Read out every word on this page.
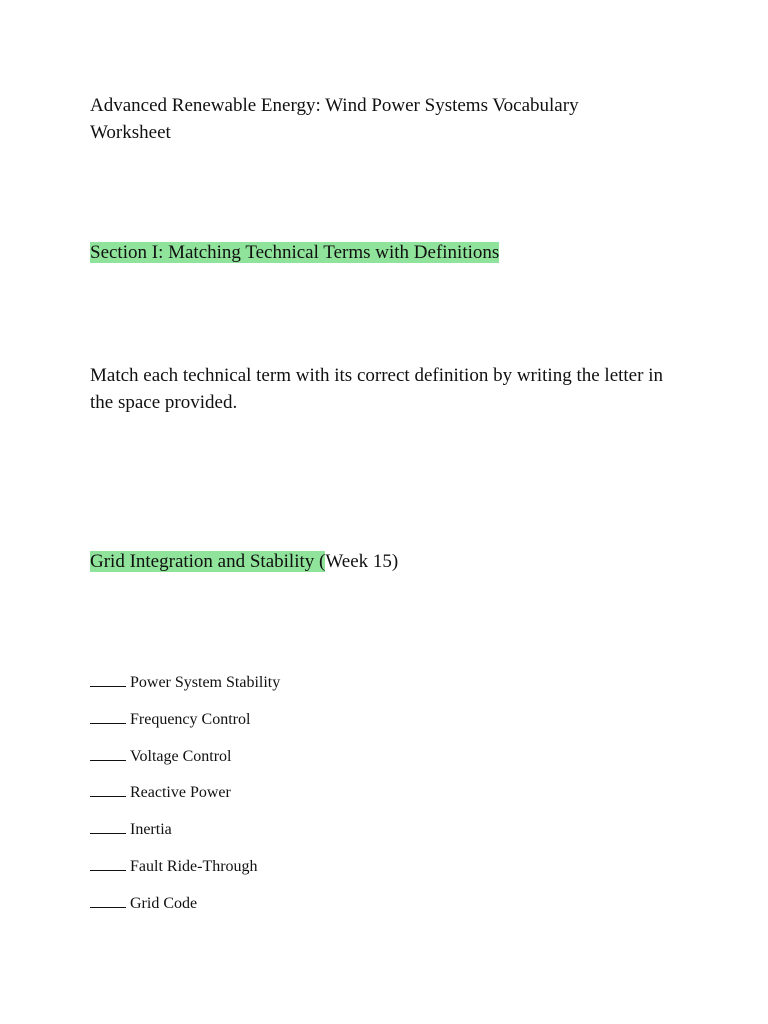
Advanced Renewable Energy: Wind Power Systems Vocabulary Worksheet
Section I: Matching Technical Terms with Definitions
Match each technical term with its correct definition by writing the letter in the space provided.
Grid Integration and Stability (Week 15)
Power System Stability
Frequency Control
Voltage Control
Reactive Power
Inertia
Fault Ride-Through
Grid Code
